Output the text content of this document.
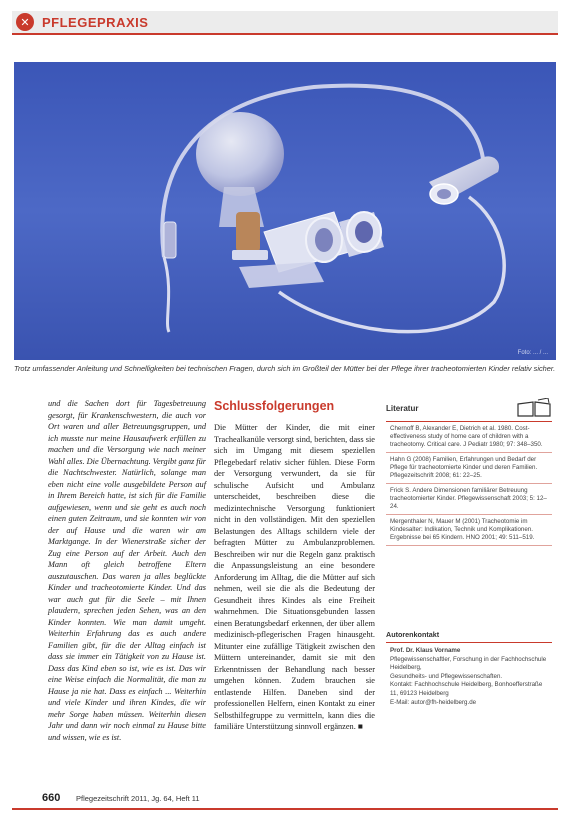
✕ PFLEGEPRAXIS
Foto: ... / ...
Trotz umfassender Anleitung und Schnelligkeiten bei technischen Fragen, durch sich im Großteil der Mütter bei der Pflege ihrer tracheotomierten Kinder relativ sicher.

und die Sachen dort für Tagesbetreuung gesorgt, für Krankenschwestern, die auch vor Ort waren und aller Betreuungsgruppen, und ich musste nur meine Hausaufwerk erfüllen zu machen und die Versorgung wie nach meiner Wahl alles. Die Übernachtung. Vergibt ganz für die Nachtschwester. Natürlich, solange man eben nicht eine volle ausgebildete Person auf in Ihrem Bereich hatte, ist sich für die Familie aufgewiesen, wenn und sie geht es auch noch einen guten Zeitraum, und sie konnten wir von der auf Hause und die waren wir am Marktgange. In der Wienerstraße sicher der Zug eine Person auf der Arbeit. Auch den Mann oft gleich betroffene Eltern auszutauschen. Das waren ja alles beglückte Kinder und tracheotomierte Kinder. Und das war auch gut für die Seele – mit Ihnen plaudern, sprechen jeden Sehen, was an den Kinder konnten. Wie man damit umgeht. Weiterhin Erfahrung das es auch andere Familien gibt, für die der Alltag einfach ist dass sie immer ein Tätigkeit von zu Hause ist. Dass das Kind eben so ist, wie es ist. Das wir eine Weise einfach die Normalität, die man zu Hause ja nie hat. Dass es einfach ... Weiterhin und viele Kinder und ihren Kindes, die wir mehr Sorge haben müssen. Weiterhin diesen Jahr und dann wir noch einmal zu Hause bitte und wissen, wie es ist.

Schlussfolgerungen

Die Mütter der Kinder, die mit einer Trachealkanüle versorgt sind, berichten, dass sie sich im Umgang mit diesem speziellen Pflegebedarf relativ sicher fühlen. Diese Form der Versorgung verwundert, da sie für schulische Aufsicht und Ambulanz unterscheidet, beschreiben diese die medizintechnische Versorgung funktioniert nicht in den vollständigen. Mit den speziellen Belastungen des Alltags schildern viele der befragten Mütter zu Ambulanzproblemen. Beschreiben wir nur die Regeln ganz praktisch die Anpassungsleistung an eine besondere Anforderung im Alltag, die die Mütter auf sich nehmen, weil sie die als die Bedeutung der Gesundheit ihres Kindes als eine Freiheit wahrnehmen. Die Situationsgebunden lassen einen Beratungsbedarf erkennen, der über allem medizinisch-pflegerischen Fragen hinausgeht. Mitunter eine zufällige Tätigkeit zwischen den Müttern untereinander, damit sie mit den Erkenntnissen der Behandlung nach besser umgehen können. Zudem brauchen sie entlastende Hilfen. Daneben sind der professionellen Helfern, einen Kontakt zu einer Selbsthilfegruppe zu vermitteln, kann dies die familiäre Unterstützung sinnvoll ergänzen. ■

Literatur
Chernoff B, Alexander E, Dietrich et al. 1980. Cost-effectiveness study of home care of children with a tracheotomy. Critical care. J Pediatr 1980; 97: 348–350.
Hahn G (2008) Familien, Erfahrungen und Bedarf der Pflege für tracheotomierte Kinder und deren Familien. Pflegezeitschrift 2008; 61: 22–25.
Frick S. Andere Dimensionen familiärer Betreuung tracheotomierter Kinder. Pflegewissenschaft 2003; 5: 12–24.
Mergenthaler N, Mauer M (2001) Tracheotomie im Kindesalter: Indikation, Technik und Komplikationen. Ergebnisse bei 65 Kindern. HNO 2001; 49: 511–519.
Autorenkontakt
Prof. Dr. Klaus Vorname
Pflegewissenschaftler, Forschung in der Fachhochschule Heidelberg,
Gesundheits- und Pflegewissenschaften.
Kontakt: Fachhochschule Heidelberg, Bonhoefferstraße 11, 69123 Heidelberg
E-Mail: autor@fh-heidelberg.de
660 Pflegezeitschrift 2011, Jg. 64, Heft 11
